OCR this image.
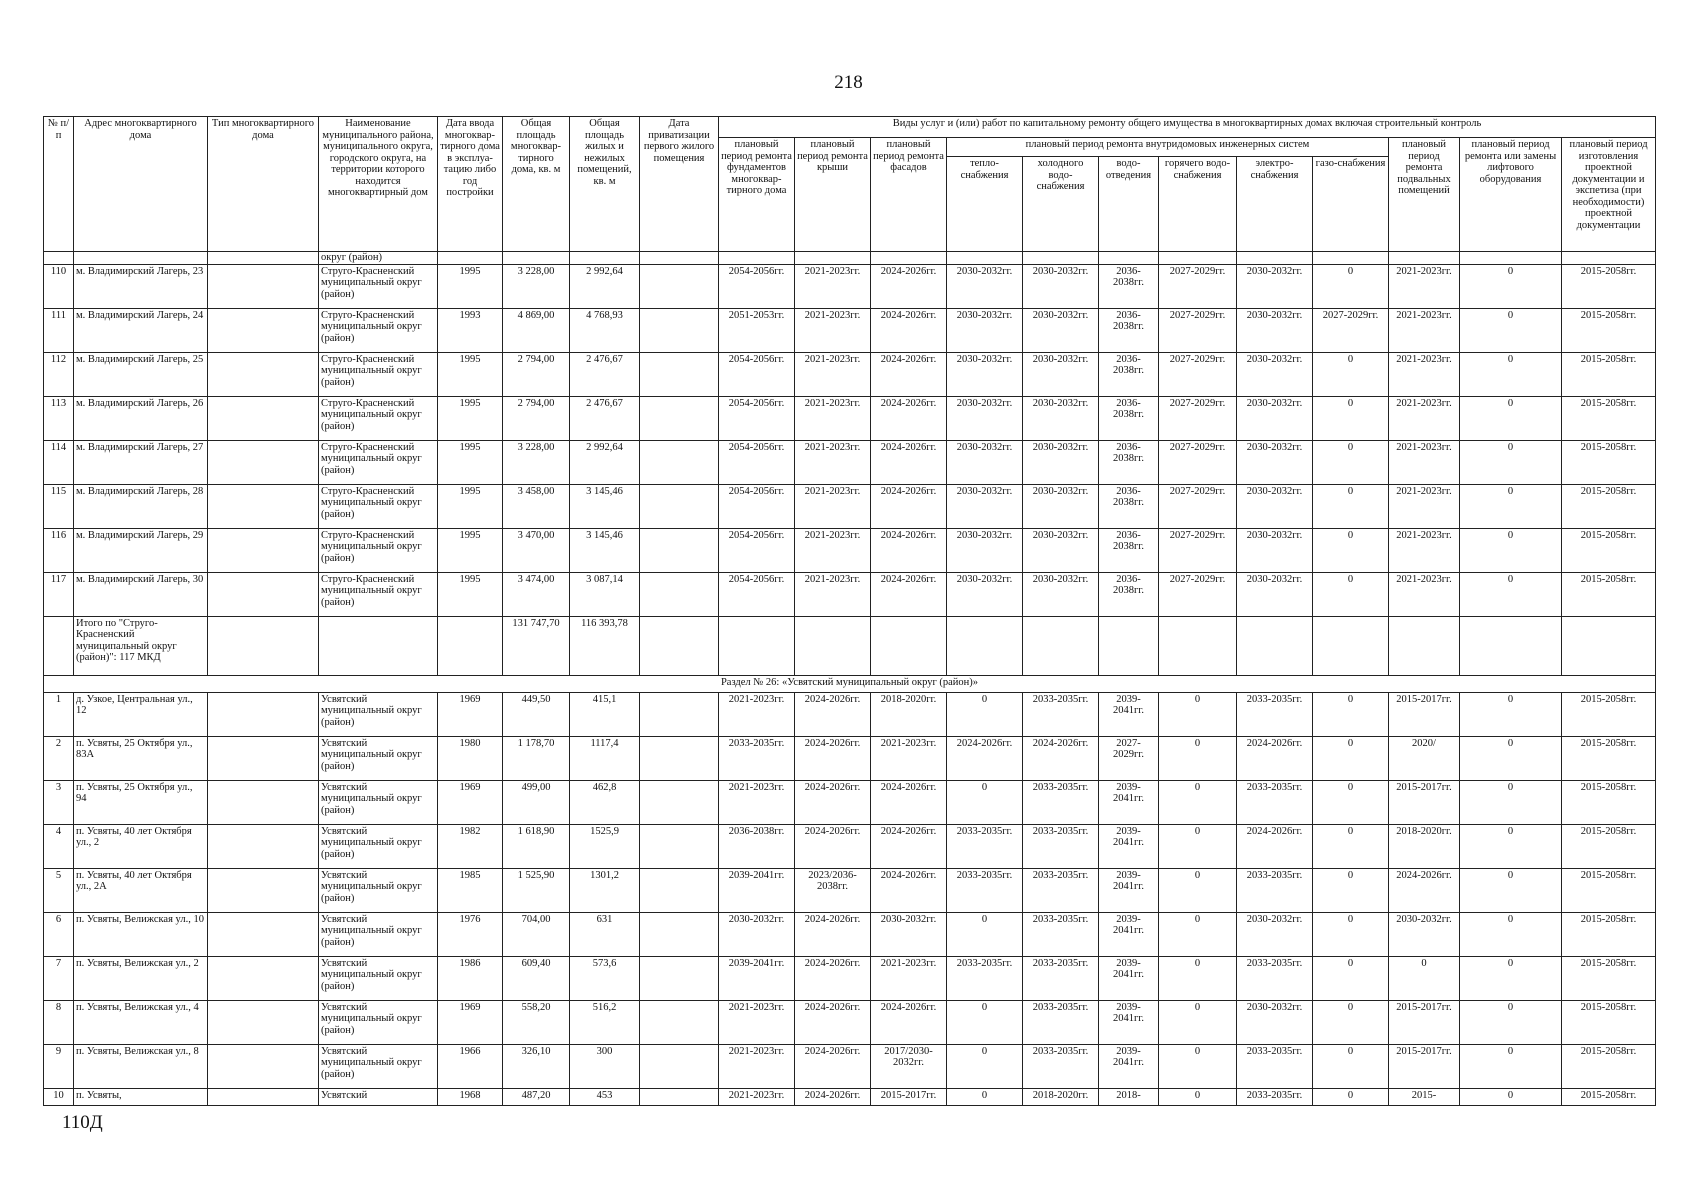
218
№ п/п	Адрес многоквартирного дома	Тип многоквартирного дома	Наименование муниципального района, муниципального округа, городского округа, на территории которого находится многоквартирный дом	Дата ввода многоквар-тирного дома в эксплуа-тацию либо год постройки	Общая площадь многоквар-тирного дома, кв. м	Общая площадь жилых и нежилых помещений, кв. м	Дата приватизации первого жилого помещения	Виды услуг и (или) работ по капитальному ремонту общего имущества в многоквартирных домах включая строительный контроль											
								плановый период ремонта фундаментов многоквар-тирного дома	плановый период ремонта крыши	плановый период ремонта фасадов	плановый период ремонта внутридомовых инженерных систем						плановый период ремонта подвальных помещений	плановый период ремонта или замены лифтового оборудования	плановый период изготовления проектной документации и экспетиза (при необходимости) проектной документации
											тепло-снабжения	холодного водо-снабжения	водо-отведения	горячего водо-снабжения	электро-снабжения	газо-снабжения			
			округ (район)																
110	м. Владимирский Лагерь, 23		Струго-Красненский муниципальный округ (район)	1995	3 228,00	2 992,64		2054-2056гг.	2021-2023гг.	2024-2026гг.	2030-2032гг.	2030-2032гг.	2036-2038гг.	2027-2029гг.	2030-2032гг.	0	2021-2023гг.	0	2015-2058гг.
111	м. Владимирский Лагерь, 24		Струго-Красненский муниципальный округ (район)	1993	4 869,00	4 768,93		2051-2053гг.	2021-2023гг.	2024-2026гг.	2030-2032гг.	2030-2032гг.	2036-2038гг.	2027-2029гг.	2030-2032гг.	2027-2029гг.	2021-2023гг.	0	2015-2058гг.
112	м. Владимирский Лагерь, 25		Струго-Красненский муниципальный округ (район)	1995	2 794,00	2 476,67		2054-2056гг.	2021-2023гг.	2024-2026гг.	2030-2032гг.	2030-2032гг.	2036-2038гг.	2027-2029гг.	2030-2032гг.	0	2021-2023гг.	0	2015-2058гг.
113	м. Владимирский Лагерь, 26		Струго-Красненский муниципальный округ (район)	1995	2 794,00	2 476,67		2054-2056гг.	2021-2023гг.	2024-2026гг.	2030-2032гг.	2030-2032гг.	2036-2038гг.	2027-2029гг.	2030-2032гг.	0	2021-2023гг.	0	2015-2058гг.
114	м. Владимирский Лагерь, 27		Струго-Красненский муниципальный округ (район)	1995	3 228,00	2 992,64		2054-2056гг.	2021-2023гг.	2024-2026гг.	2030-2032гг.	2030-2032гг.	2036-2038гг.	2027-2029гг.	2030-2032гг.	0	2021-2023гг.	0	2015-2058гг.
115	м. Владимирский Лагерь, 28		Струго-Красненский муниципальный округ (район)	1995	3 458,00	3 145,46		2054-2056гг.	2021-2023гг.	2024-2026гг.	2030-2032гг.	2030-2032гг.	2036-2038гг.	2027-2029гг.	2030-2032гг.	0	2021-2023гг.	0	2015-2058гг.
116	м. Владимирский Лагерь, 29		Струго-Красненский муниципальный округ (район)	1995	3 470,00	3 145,46		2054-2056гг.	2021-2023гг.	2024-2026гг.	2030-2032гг.	2030-2032гг.	2036-2038гг.	2027-2029гг.	2030-2032гг.	0	2021-2023гг.	0	2015-2058гг.
117	м. Владимирский Лагерь, 30		Струго-Красненский муниципальный округ (район)	1995	3 474,00	3 087,14		2054-2056гг.	2021-2023гг.	2024-2026гг.	2030-2032гг.	2030-2032гг.	2036-2038гг.	2027-2029гг.	2030-2032гг.	0	2021-2023гг.	0	2015-2058гг.
	Итого по "Струго-Красненский муниципальный округ (район)": 117 МКД				131 747,70	116 393,78													
Раздел № 26: «Усвятский муниципальный округ (район)»																			
1	д. Узкое, Центральная ул., 12		Усвятский муниципальный округ (район)	1969	449,50	415,1		2021-2023гг.	2024-2026гг.	2018-2020гг.	0	2033-2035гг.	2039-2041гг.	0	2033-2035гг.	0	2015-2017гг.	0	2015-2058гг.
2	п. Усвяты, 25 Октября ул., 83А		Усвятский муниципальный округ (район)	1980	1 178,70	1117,4		2033-2035гг.	2024-2026гг.	2021-2023гг.	2024-2026гг.	2024-2026гг.	2027-2029гг.	0	2024-2026гг.	0	2020/	0	2015-2058гг.
3	п. Усвяты, 25 Октября ул., 94		Усвятский муниципальный округ (район)	1969	499,00	462,8		2021-2023гг.	2024-2026гг.	2024-2026гг.	0	2033-2035гг.	2039-2041гг.	0	2033-2035гг.	0	2015-2017гг.	0	2015-2058гг.
4	п. Усвяты, 40 лет Октября ул., 2		Усвятский муниципальный округ (район)	1982	1 618,90	1525,9		2036-2038гг.	2024-2026гг.	2024-2026гг.	2033-2035гг.	2033-2035гг.	2039-2041гг.	0	2024-2026гг.	0	2018-2020гг.	0	2015-2058гг.
5	п. Усвяты, 40 лет Октября ул., 2А		Усвятский муниципальный округ (район)	1985	1 525,90	1301,2		2039-2041гг.	2023/2036-2038гг.	2024-2026гг.	2033-2035гг.	2033-2035гг.	2039-2041гг.	0	2033-2035гг.	0	2024-2026гг.	0	2015-2058гг.
6	п. Усвяты, Велижская ул., 10		Усвятский муниципальный округ (район)	1976	704,00	631		2030-2032гг.	2024-2026гг.	2030-2032гг.	0	2033-2035гг.	2039-2041гг.	0	2030-2032гг.	0	2030-2032гг.	0	2015-2058гг.
7	п. Усвяты, Велижская ул., 2		Усвятский муниципальный округ (район)	1986	609,40	573,6		2039-2041гг.	2024-2026гг.	2021-2023гг.	2033-2035гг.	2033-2035гг.	2039-2041гг.	0	2033-2035гг.	0	0	0	2015-2058гг.
8	п. Усвяты, Велижская ул., 4		Усвятский муниципальный округ (район)	1969	558,20	516,2		2021-2023гг.	2024-2026гг.	2024-2026гг.	0	2033-2035гг.	2039-2041гг.	0	2030-2032гг.	0	2015-2017гг.	0	2015-2058гг.
9	п. Усвяты, Велижская ул., 8		Усвятский муниципальный округ (район)	1966	326,10	300		2021-2023гг.	2024-2026гг.	2017/2030-2032гг.	0	2033-2035гг.	2039-2041гг.	0	2033-2035гг.	0	2015-2017гг.	0	2015-2058гг.
10	п. Усвяты,		Усвятский	1968	487,20	453		2021-2023гг.	2024-2026гг.	2015-2017гг.	0	2018-2020гг.	2018-	0	2033-2035гг.	0	2015-	0	2015-2058гг.
110Д
